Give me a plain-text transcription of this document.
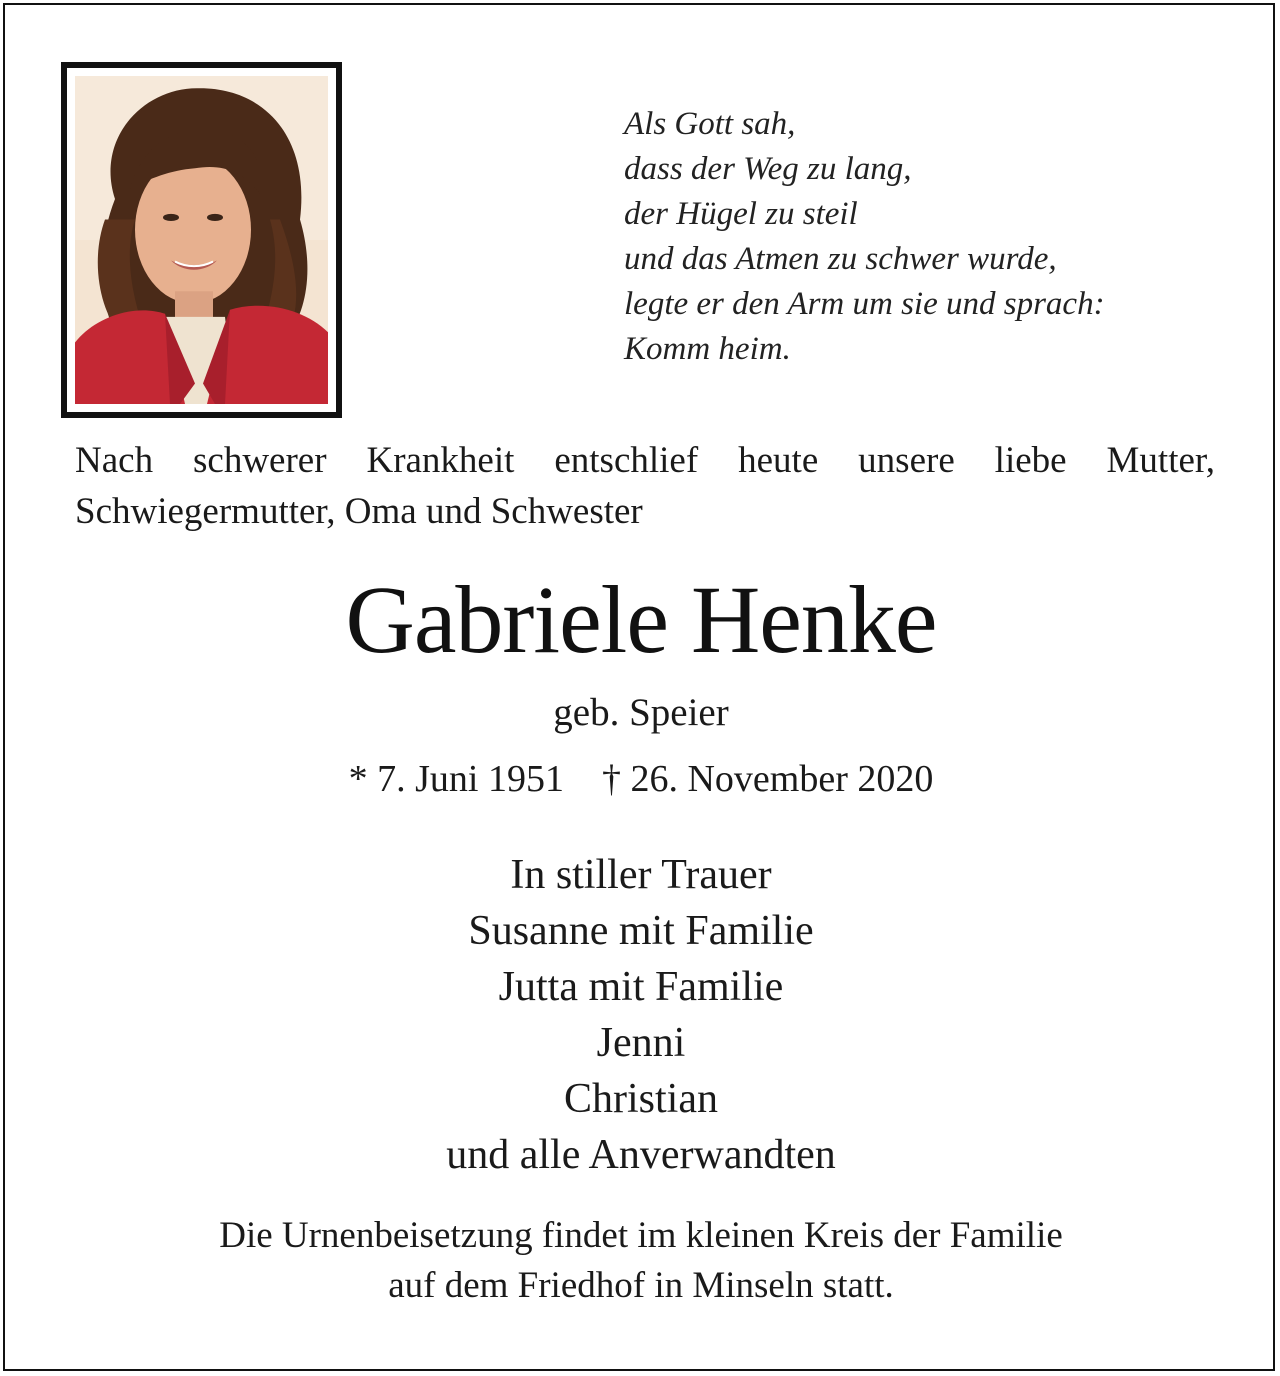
Als Gott sah,
dass der Weg zu lang,
der Hügel zu steil
und das Atmen zu schwer wurde,
legte er den Arm um sie und sprach:
Komm heim.
Nach schwerer Krankheit entschlief heute unsere liebe Mutter,
Schwiegermutter, Oma und Schwester
Gabriele Henke
geb. Speier
* 7. Juni 1951 † 26. November 2020
In stiller Trauer
Susanne mit Familie
Jutta mit Familie
Jenni
Christian
und alle Anverwandten
Die Urnenbeisetzung findet im kleinen Kreis der Familie
auf dem Friedhof in Minseln statt.
